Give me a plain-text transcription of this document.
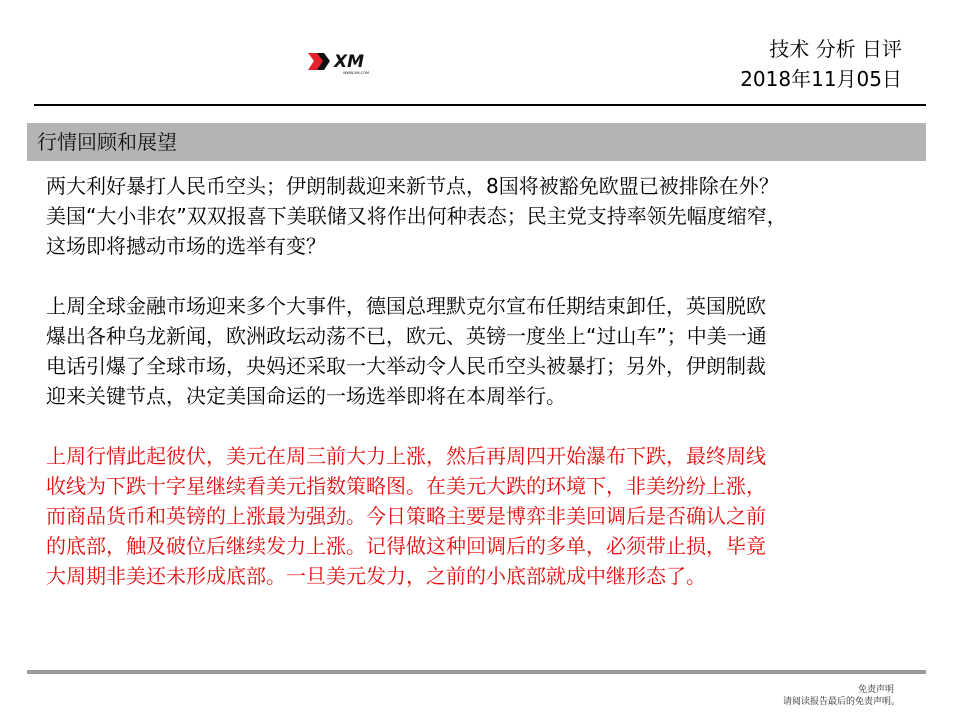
XM
WWW.XM.COM
技术 分析 日评
2018年11月05日
行情回顾和展望

两大利好暴打人民币空头；伊朗制裁迎来新节点，8国将被豁免欧盟已被排除在外？
美国“大小非农”双双报喜下美联储又将作出何种表态；民主党支持率领先幅度缩窄，
这场即将撼动市场的选举有变？

上周全球金融市场迎来多个大事件，德国总理默克尔宣布任期结束卸任，英国脱欧
爆出各种乌龙新闻，欧洲政坛动荡不已，欧元、英镑一度坐上“过山车”；中美一通
电话引爆了全球市场，央妈还采取一大举动令人民币空头被暴打；另外，伊朗制裁
迎来关键节点，决定美国命运的一场选举即将在本周举行。

上周行情此起彼伏，美元在周三前大力上涨，然后再周四开始瀑布下跌，最终周线
收线为下跌十字星继续看美元指数策略图。在美元大跌的环境下，非美纷纷上涨，
而商品货币和英镑的上涨最为强劲。今日策略主要是博弈非美回调后是否确认之前
的底部，触及破位后继续发力上涨。记得做这种回调后的多单，必须带止损，毕竟
大周期非美还未形成底部。一旦美元发力，之前的小底部就成中继形态了。

免责声明
请阅读报告最后的免责声明。
